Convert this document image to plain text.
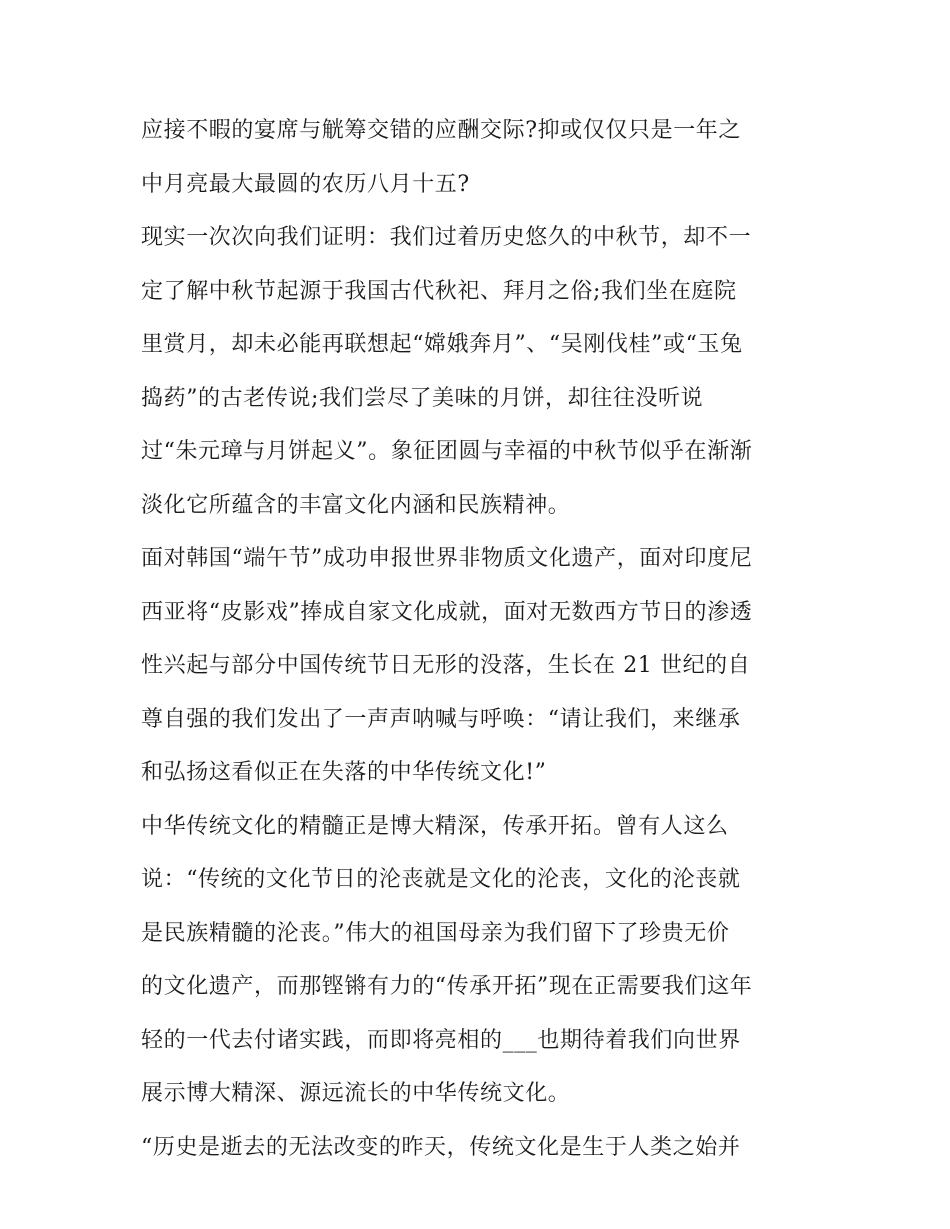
应接不暇的宴席与觥筹交错的应酬交际?抑或仅仅只是一年之
中月亮最大最圆的农历八月十五?
现实一次次向我们证明：我们过着历史悠久的中秋节，却不一
定了解中秋节起源于我国古代秋祀、拜月之俗;我们坐在庭院
里赏月，却未必能再联想起“嫦娥奔月”、“吴刚伐桂”或“玉兔
捣药”的古老传说;我们尝尽了美味的月饼，却往往没听说
过“朱元璋与月饼起义”。象征团圆与幸福的中秋节似乎在渐渐
淡化它所蕴含的丰富文化内涵和民族精神。
面对韩国“端午节”成功申报世界非物质文化遗产，面对印度尼
西亚将“皮影戏”捧成自家文化成就，面对无数西方节日的渗透
性兴起与部分中国传统节日无形的没落，生长在 21 世纪的自
尊自强的我们发出了一声声呐喊与呼唤：“请让我们，来继承
和弘扬这看似正在失落的中华传统文化!”
中华传统文化的精髓正是博大精深，传承开拓。曾有人这么
说：“传统的文化节日的沦丧就是文化的沦丧，文化的沦丧就
是民族精髓的沦丧。”伟大的祖国母亲为我们留下了珍贵无价
的文化遗产，而那铿锵有力的“传承开拓”现在正需要我们这年
轻的一代去付诸实践，而即将亮相的___也期待着我们向世界
展示博大精深、源远流长的中华传统文化。
“历史是逝去的无法改变的昨天，传统文化是生于人类之始并
